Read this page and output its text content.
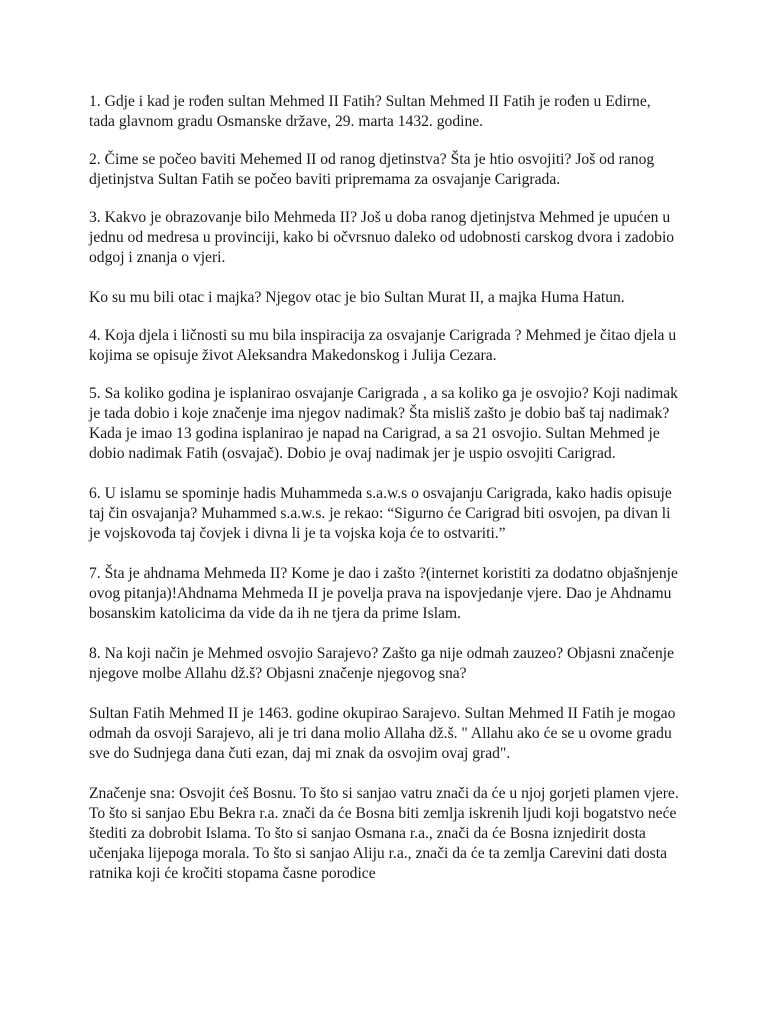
1. Gdje i kad je rođen sultan Mehmed II Fatih? Sultan Mehmed II Fatih je rođen u Edirne, tada glavnom gradu Osmanske države, 29. marta 1432. godine.

2. Čime se počeo baviti Mehemed II od ranog djetinstva? Šta je htio osvojiti? Još od ranog djetinjstva Sultan Fatih se počeo baviti pripremama za osvajanje Carigrada.

3. Kakvo je obrazovanje bilo Mehmeda II? Još u doba ranog djetinjstva Mehmed je upućen u jednu od medresa u provinciji, kako bi očvrsnuo daleko od udobnosti carskog dvora i zadobio odgoj i znanja o vjeri.

Ko su mu bili otac i majka? Njegov otac je bio Sultan Murat II, a majka Huma Hatun.

4. Koja djela i ličnosti su mu bila inspiracija za osvajanje Carigrada ? Mehmed je čitao djela u kojima se opisuje život Aleksandra Makedonskog i Julija Cezara.

5. Sa koliko godina je isplanirao osvajanje Carigrada , a sa koliko ga je osvojio? Koji nadimak je tada dobio i koje značenje ima njegov nadimak? Šta misliš zašto je dobio baš taj nadimak? Kada je imao 13 godina isplanirao je napad na Carigrad, a sa 21 osvojio. Sultan Mehmed je dobio nadimak Fatih (osvajač). Dobio je ovaj nadimak jer je uspio osvojiti Carigrad.

6. U islamu se spominje hadis Muhammeda s.a.w.s o osvajanju Carigrada, kako hadis opisuje taj čin osvajanja? Muhammed s.a.w.s. je rekao: “Sigurno će Carigrad biti osvojen, pa divan li je vojskovođa taj čovjek i divna li je ta vojska koja će to ostvariti.”

7. Šta je ahdnama Mehmeda II? Kome je dao i zašto ?(internet koristiti za dodatno objašnjenje ovog pitanja)!Ahdnama Mehmeda II je povelja prava na ispovjedanje vjere. Dao je Ahdnamu bosanskim katolicima da vide da ih ne tjera da prime Islam.

8. Na koji način je Mehmed osvojio Sarajevo? Zašto ga nije odmah zauzeo? Objasni značenje njegove molbe Allahu dž.š? Objasni značenje njegovog sna?

Sultan Fatih Mehmed II je 1463. godine okupirao Sarajevo. Sultan Mehmed II Fatih je mogao odmah da osvoji Sarajevo, ali je tri dana molio Allaha dž.š. " Allahu ako će se u ovome gradu sve do Sudnjega dana čuti ezan, daj mi znak da osvojim ovaj grad".

Značenje sna: Osvojit ćeš Bosnu. To što si sanjao vatru znači da će u njoj gorjeti plamen vjere. To što si sanjao Ebu Bekra r.a. znači da će Bosna biti zemlja iskrenih ljudi koji bogatstvo neće štediti za dobrobit Islama. To što si sanjao Osmana r.a., znači da će Bosna iznjedirit dosta učenjaka lijepoga morala. To što si sanjao Aliju r.a., znači da će ta zemlja Carevini dati dosta ratnika koji će kročiti stopama časne porodice
